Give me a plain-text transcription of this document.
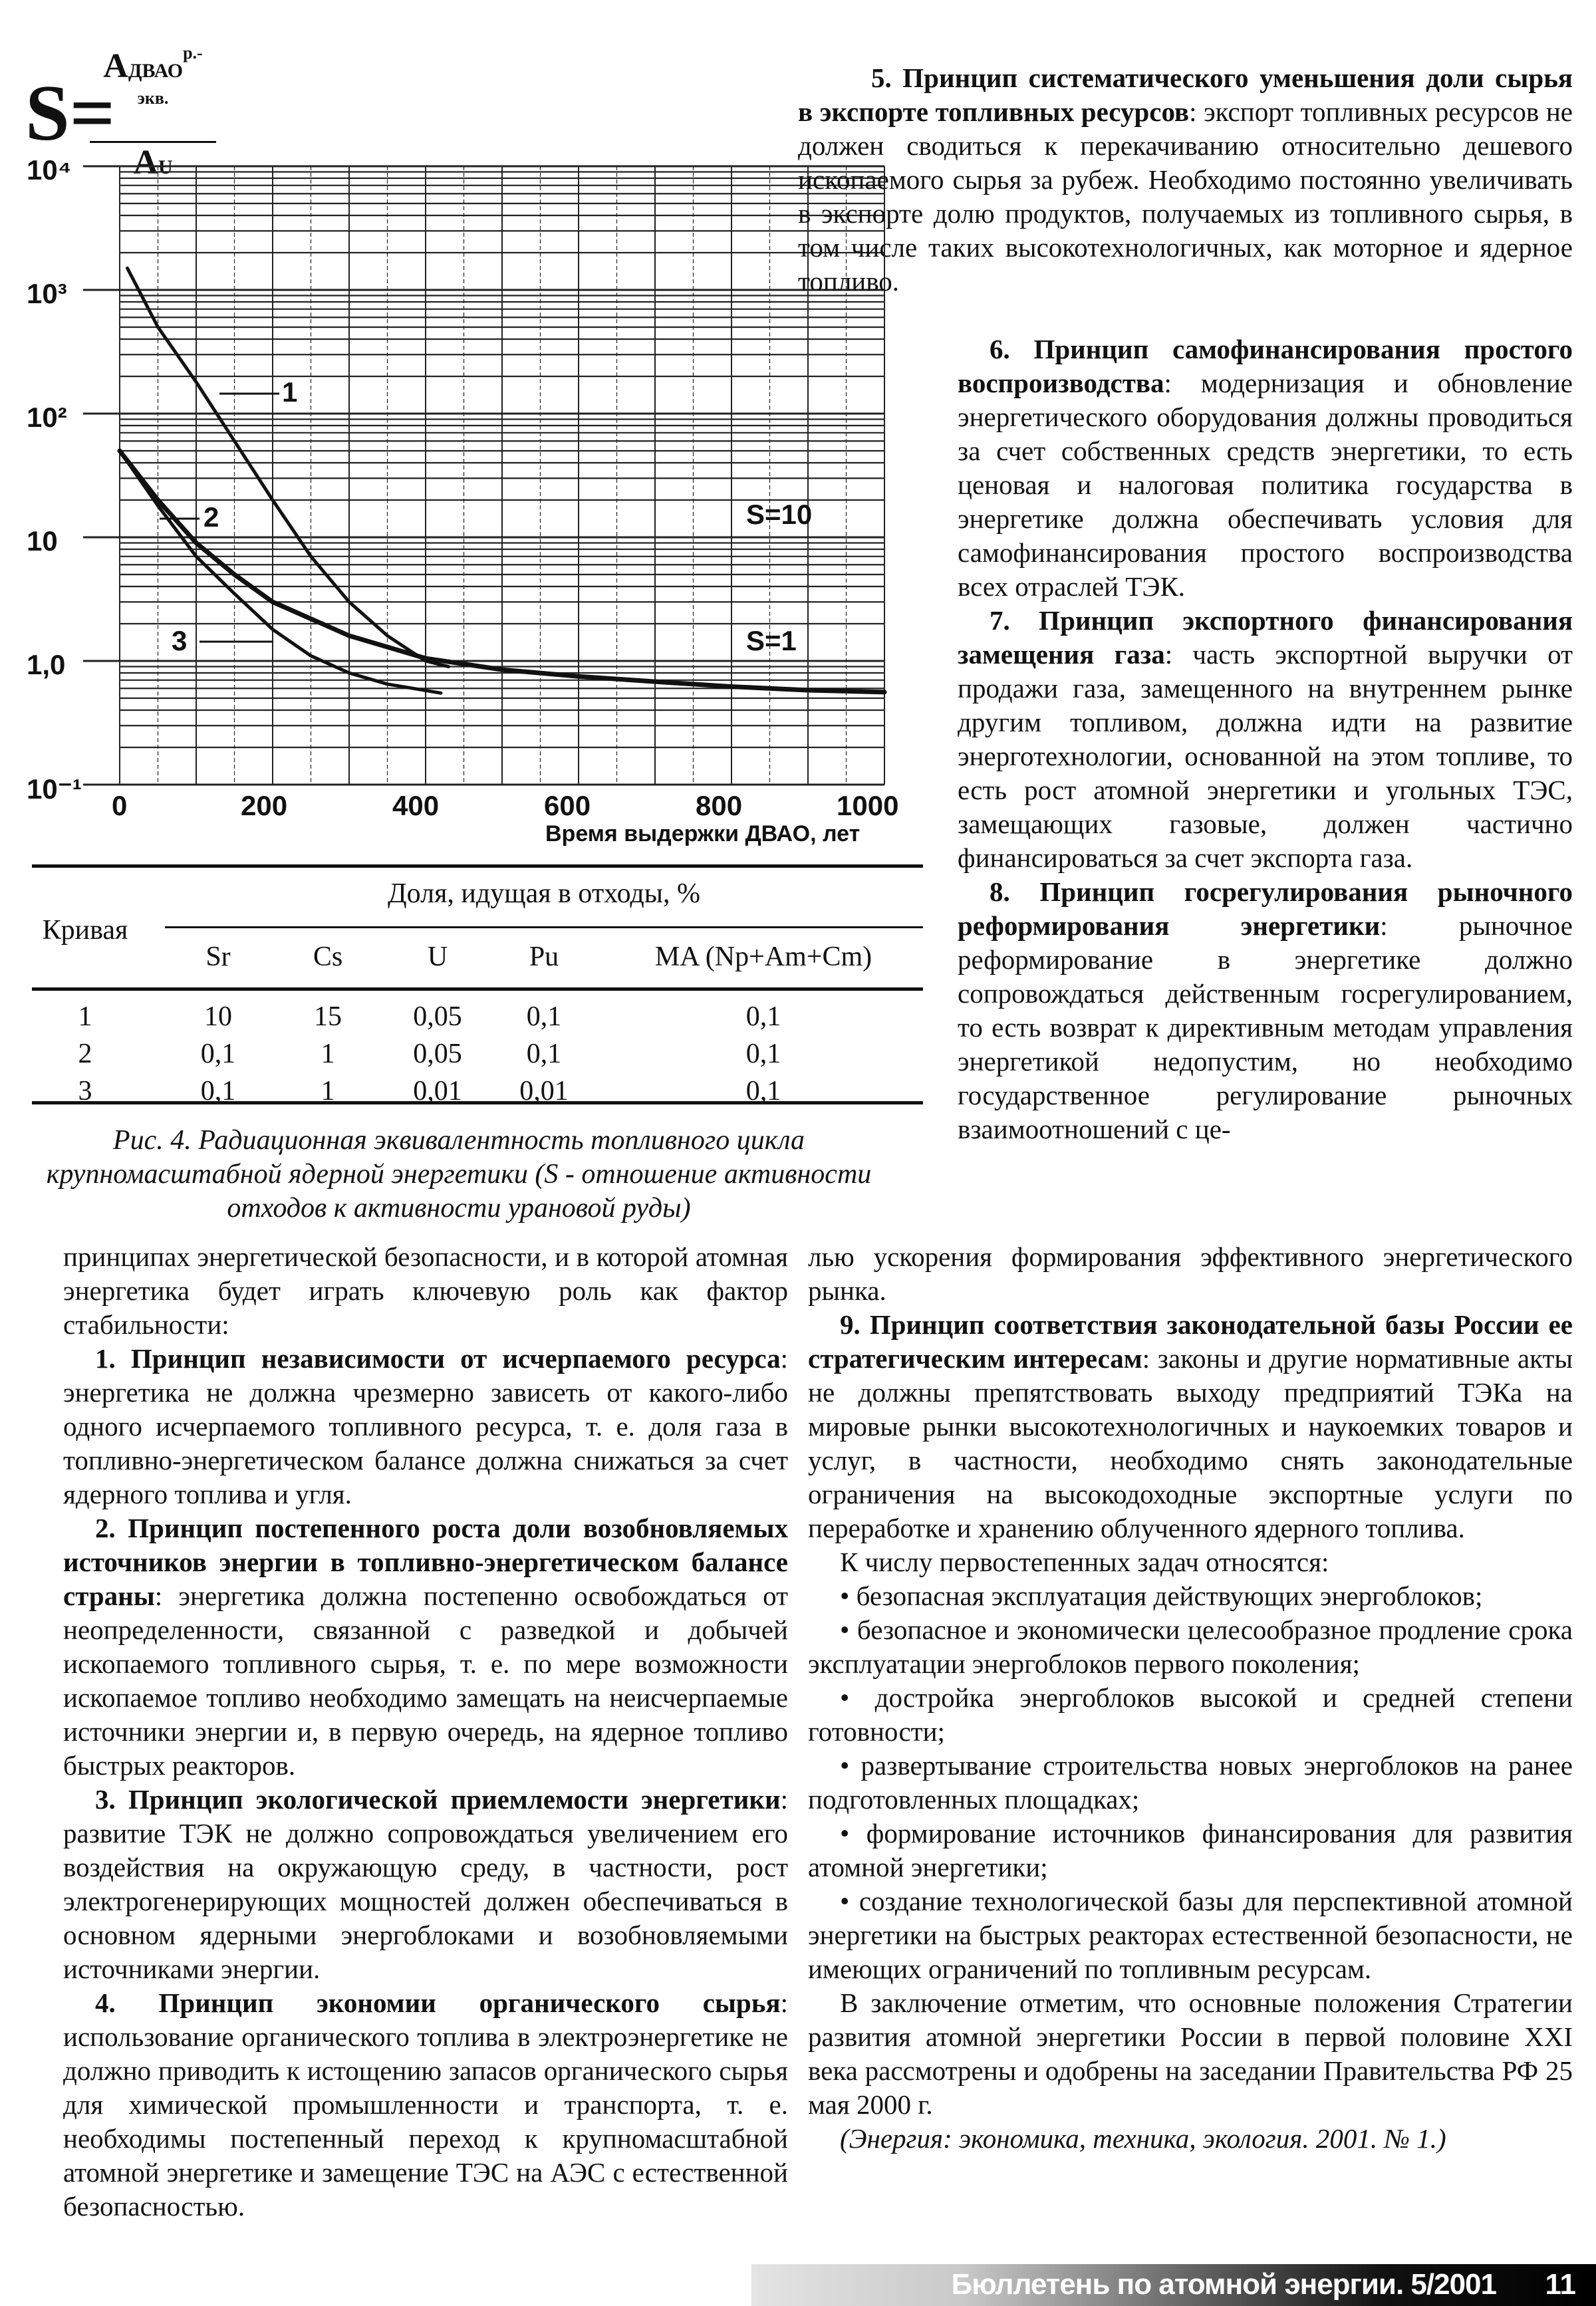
S=
$AДВАО^{р.-экв.}$
AU
10⁴
10³
10²
10
1,0
10⁻¹
0	200	400	600	800	1000
S=10
S=1
1
2
3
Время выдержки ДВАО, лет
Кривая
Доля, идущая в отходы, %
Sr	Cs	U	Pu	MA (Np+Am+Cm)
1	10	15	0,05	0,1	0,1
2	0,1	1	0,05	0,1	0,1
3	0,1	1	0,01	0,01	0,1
Рис. 4. Радиационная эквивалентность топливного цикла крупномасштабной ядерной энергетики (S - отношение активности отходов к активности урановой руды)

5. Принцип систематического уменьшения доли сырья в экспорте топливных ресурсов: экспорт топливных ресурсов не должен сводиться к перекачиванию относительно дешевого ископаемого сырья за рубеж. Необходимо постоянно увеличивать в экспорте долю продуктов, получаемых из топливного сырья, в том числе таких высокотехнологичных, как моторное и ядерное топливо.

6. Принцип самофинансирования простого воспроизводства: модернизация и обновление энергетического оборудования должны проводиться за счет собственных средств энергетики, то есть ценовая и налоговая политика государства в энергетике должна обеспечивать условия для самофинансирования простого воспроизводства всех отраслей ТЭК.

7. Принцип экспортного финансирования замещения газа: часть экспортной выручки от продажи газа, замещенного на внутреннем рынке другим топливом, должна идти на развитие энерготехнологии, основанной на этом топливе, то есть рост атомной энергетики и угольных ТЭС, замещающих газовые, должен частично финансироваться за счет экспорта газа.

8. Принцип госрегулирования рыночного реформирования энергетики: рыночное реформирование в энергетике должно сопровождаться действенным госрегулированием, то есть возврат к директивным методам управления энергетикой недопустим, но необходимо государственное регулирование рыночных взаимоотношений с це-

принципах энергетической безопасности, и в которой атомная энергетика будет играть ключевую роль как фактор стабильности:

1. Принцип независимости от исчерпаемого ресурса: энергетика не должна чрезмерно зависеть от какого-либо одного исчерпаемого топливного ресурса, т. е. доля газа в топливно-энергетическом балансе должна снижаться за счет ядерного топлива и угля.

2. Принцип постепенного роста доли возобновляемых источников энергии в топливно-энергетическом балансе страны: энергетика должна постепенно освобождаться от неопределенности, связанной с разведкой и добычей ископаемого топливного сырья, т. е. по мере возможности ископаемое топливо необходимо замещать на неисчерпаемые источники энергии и, в первую очередь, на ядерное топливо быстрых реакторов.

3. Принцип экологической приемлемости энергетики: развитие ТЭК не должно сопровождаться увеличением его воздействия на окружающую среду, в частности, рост электрогенерирующих мощностей должен обеспечиваться в основном ядерными энергоблоками и возобновляемыми источниками энергии.

4. Принцип экономии органического сырья: использование органического топлива в электроэнергетике не должно приводить к истощению запасов органического сырья для химической промышленности и транспорта, т. е. необходимы постепенный переход к крупномасштабной атомной энергетике и замещение ТЭС на АЭС с естественной безопасностью.

лью ускорения формирования эффективного энергетического рынка.

9. Принцип соответствия законодательной базы России ее стратегическим интересам: законы и другие нормативные акты не должны препятствовать выходу предприятий ТЭКа на мировые рынки высокотехнологичных и наукоемких товаров и услуг, в частности, необходимо снять законодательные ограничения на высокодоходные экспортные услуги по переработке и хранению облученного ядерного топлива.

К числу первостепенных задач относятся:

• безопасная эксплуатация действующих энергоблоков;

• безопасное и экономически целесообразное продление срока эксплуатации энергоблоков первого поколения;

• достройка энергоблоков высокой и средней степени готовности;

• развертывание строительства новых энергоблоков на ранее подготовленных площадках;

• формирование источников финансирования для развития атомной энергетики;

• создание технологической базы для перспективной атомной энергетики на быстрых реакторах естественной безопасности, не имеющих ограничений по топливным ресурсам.

В заключение отметим, что основные положения Стратегии развития атомной энергетики России в первой половине XXI века рассмотрены и одобрены на заседании Правительства РФ 25 мая 2000 г.

(Энергия: экономика, техника, экология. 2001. № 1.)

Бюллетень по атомной энергии. 5/2001 11
